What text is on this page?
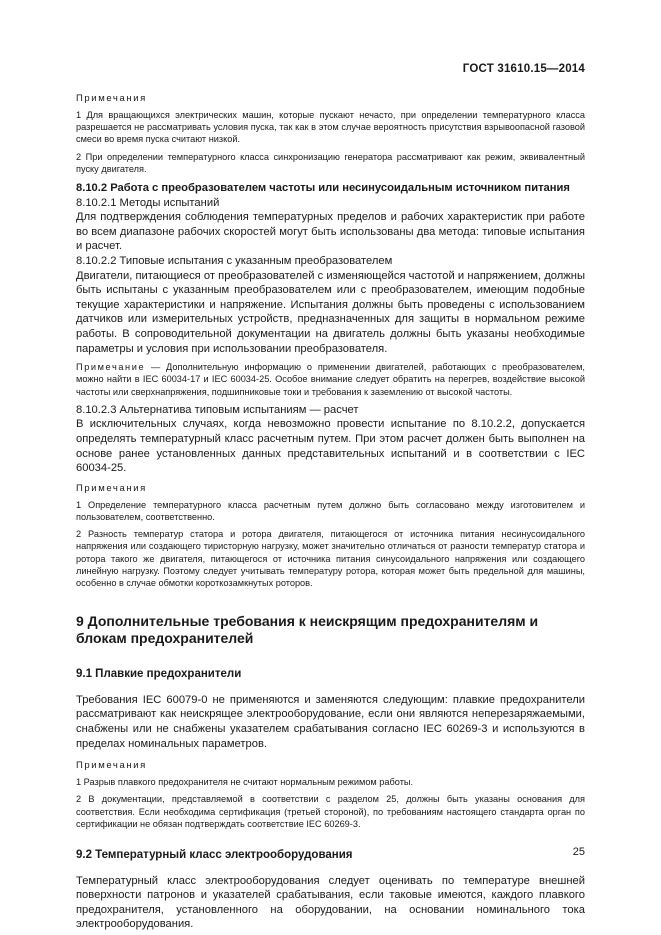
ГОСТ 31610.15—2014
Примечания

1 Для вращающихся электрических машин, которые пускают нечасто, при определении температурного класса разрешается не рассматривать условия пуска, так как в этом случае вероятность присутствия взрывоопасной газовой смеси во время пуска считают низкой.

2 При определении температурного класса синхронизацию генератора рассматривают как режим, эквивалентный пуску двигателя.

8.10.2 Работа с преобразователем частоты или несинусоидальным источником питания

8.10.2.1 Методы испытаний

Для подтверждения соблюдения температурных пределов и рабочих характеристик при работе во всем диапазоне рабочих скоростей могут быть использованы два метода: типовые испытания и расчет.

8.10.2.2 Типовые испытания с указанным преобразователем

Двигатели, питающиеся от преобразователей с изменяющейся частотой и напряжением, должны быть испытаны с указанным преобразователем или с преобразователем, имеющим подобные текущие характеристики и напряжение. Испытания должны быть проведены с использованием датчиков или измерительных устройств, предназначенных для защиты в нормальном режиме работы. В сопроводительной документации на двигатель должны быть указаны необходимые параметры и условия при использовании преобразователя.

Примечание — Дополнительную информацию о применении двигателей, работающих с преобразователем, можно найти в IEC 60034-17 и IEC 60034-25. Особое внимание следует обратить на перегрев, воздействие высокой частоты или сверхнапряжения, подшипниковые токи и требования к заземлению от высокой частоты.

8.10.2.3 Альтернатива типовым испытаниям — расчет

В исключительных случаях, когда невозможно провести испытание по 8.10.2.2, допускается определять температурный класс расчетным путем. При этом расчет должен быть выполнен на основе ранее установленных данных представительных испытаний и в соответствии с IEC 60034-25.

Примечания

1 Определение температурного класса расчетным путем должно быть согласовано между изготовителем и пользователем, соответственно.

2 Разность температур статора и ротора двигателя, питающегося от источника питания несинусоидального напряжения или создающего тиристорную нагрузку, может значительно отличаться от разности температур статора и ротора такого же двигателя, питающегося от источника питания синусоидального напряжения или создающего линейную нагрузку. Поэтому следует учитывать температуру ротора, которая может быть предельной для машины, особенно в случае обмотки короткозамкнутых роторов.

9 Дополнительные требования к неискрящим предохранителям и блокам предохранителей

9.1 Плавкие предохранители

Требования IEC 60079-0 не применяются и заменяются следующим: плавкие предохранители рассматривают как неискрящее электрооборудование, если они являются неперезаряжаемыми, снабжены или не снабжены указателем срабатывания согласно IEC 60269-3 и используются в пределах номинальных параметров.

Примечания

1 Разрыв плавкого предохранителя не считают нормальным режимом работы.

2 В документации, представляемой в соответствии с разделом 25, должны быть указаны основания для соответствия. Если необходима сертификация (третьей стороной), по требованиям настоящего стандарта орган по сертификации не обязан подтверждать соответствие IEC 60269-3.

9.2 Температурный класс электрооборудования

Температурный класс электрооборудования следует оценивать по температуре внешней поверхности патронов и указателей срабатывания, если таковые имеются, каждого плавкого предохранителя, установленного на оборудовании, на основании номинального тока электрооборудования.

25
